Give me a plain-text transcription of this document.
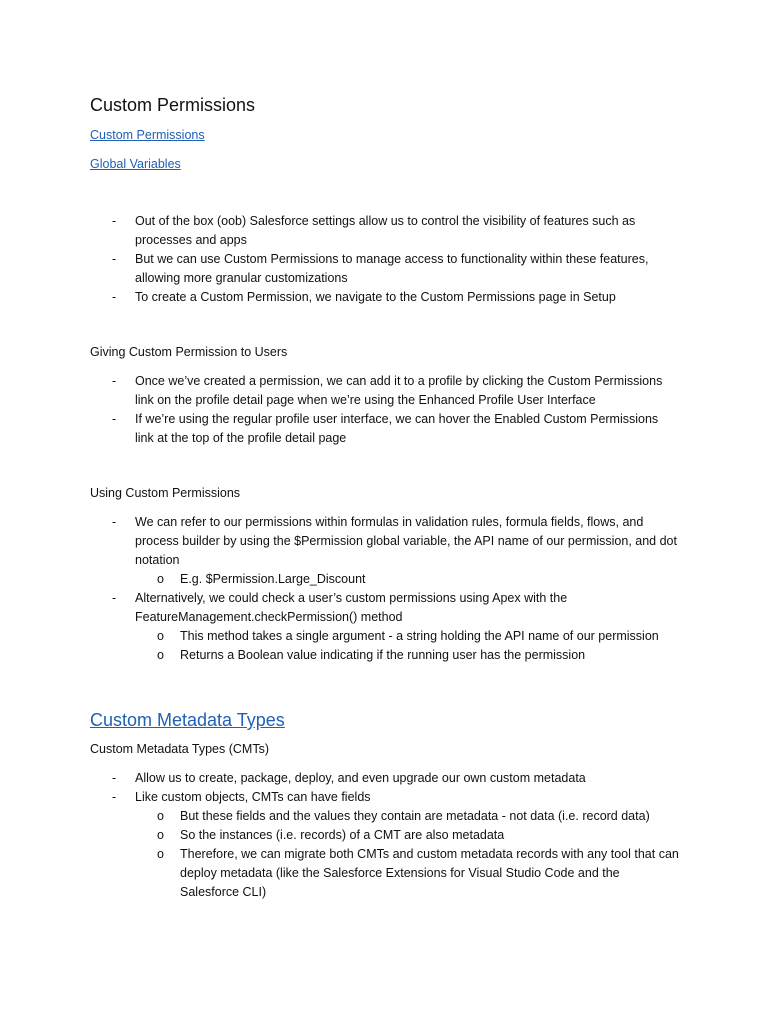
Custom Permissions
Custom Permissions
Global Variables
- Out of the box (oob) Salesforce settings allow us to control the visibility of features such as processes and apps
- But we can use Custom Permissions to manage access to functionality within these features, allowing more granular customizations
- To create a Custom Permission, we navigate to the Custom Permissions page in Setup
Giving Custom Permission to Users
- Once we’ve created a permission, we can add it to a profile by clicking the Custom Permissions link on the profile detail page when we’re using the Enhanced Profile User Interface
- If we’re using the regular profile user interface, we can hover the Enabled Custom Permissions link at the top of the profile detail page
Using Custom Permissions
- We can refer to our permissions within formulas in validation rules, formula fields, flows, and process builder by using the $Permission global variable, the API name of our permission, and dot notation
o E.g. $Permission.Large_Discount
- Alternatively, we could check a user’s custom permissions using Apex with the FeatureManagement.checkPermission() method
o This method takes a single argument - a string holding the API name of our permission
o Returns a Boolean value indicating if the running user has the permission
Custom Metadata Types
Custom Metadata Types (CMTs)
- Allow us to create, package, deploy, and even upgrade our own custom metadata
- Like custom objects, CMTs can have fields
o But these fields and the values they contain are metadata - not data (i.e. record data)
o So the instances (i.e. records) of a CMT are also metadata
o Therefore, we can migrate both CMTs and custom metadata records with any tool that can deploy metadata (like the Salesforce Extensions for Visual Studio Code and the Salesforce CLI)
